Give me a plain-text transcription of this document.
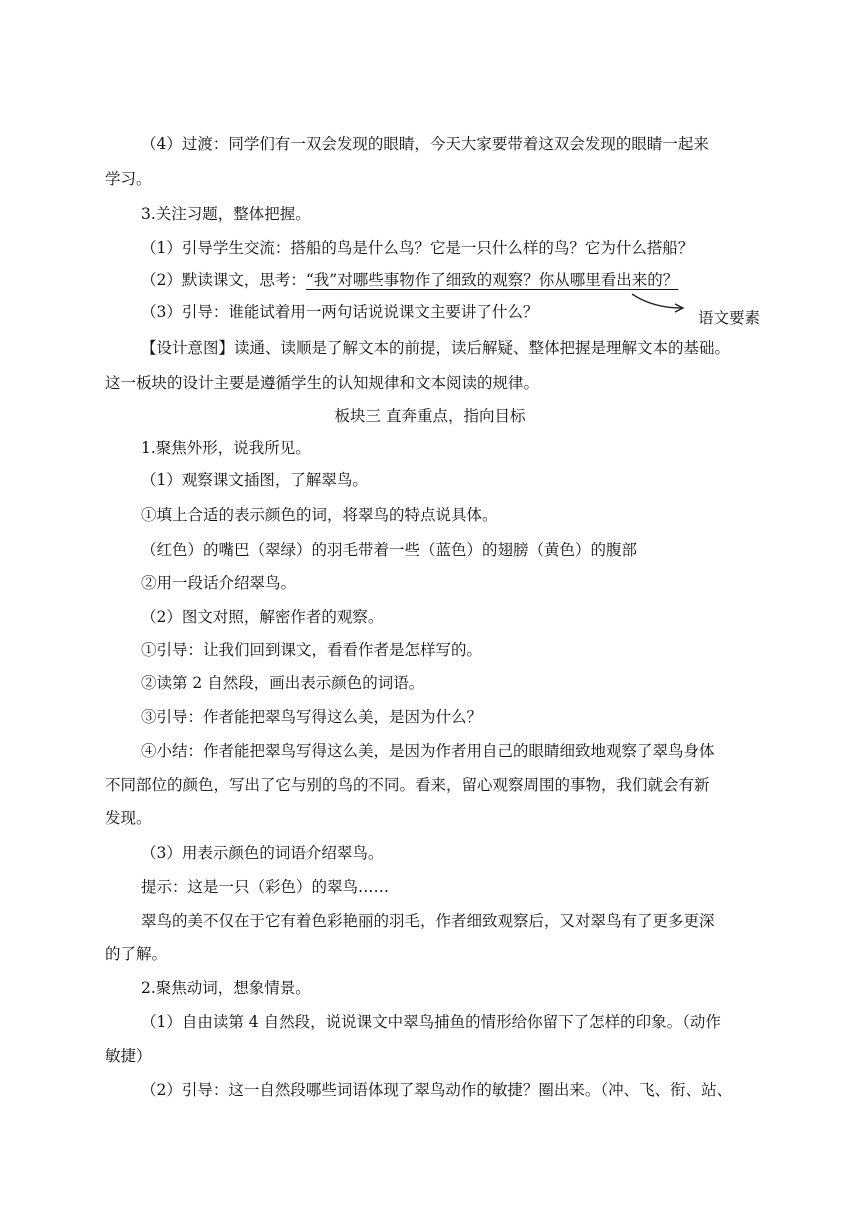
（4）过渡：同学们有一双会发现的眼睛，今天大家要带着这双会发现的眼睛一起来
学习。
3.关注习题，整体把握。
（1）引导学生交流：搭船的鸟是什么鸟？它是一只什么样的鸟？它为什么搭船？
（2）默读课文，思考：“我”对哪些事物作了细致的观察？你从哪里看出来的？
（3）引导：谁能试着用一两句话说说课文主要讲了什么？	语文要素
【设计意图】读通、读顺是了解文本的前提，读后解疑、整体把握是理解文本的基础。
这一板块的设计主要是遵循学生的认知规律和文本阅读的规律。
板块三 直奔重点，指向目标
1.聚焦外形，说我所见。
（1）观察课文插图，了解翠鸟。
①填上合适的表示颜色的词，将翠鸟的特点说具体。
（红色）的嘴巴（翠绿）的羽毛带着一些（蓝色）的翅膀（黄色）的腹部
②用一段话介绍翠鸟。
（2）图文对照，解密作者的观察。
①引导：让我们回到课文，看看作者是怎样写的。
②读第 2 自然段，画出表示颜色的词语。
③引导：作者能把翠鸟写得这么美，是因为什么？
④小结：作者能把翠鸟写得这么美，是因为作者用自己的眼睛细致地观察了翠鸟身体
不同部位的颜色，写出了它与别的鸟的不同。看来，留心观察周围的事物，我们就会有新
发现。
（3）用表示颜色的词语介绍翠鸟。
提示：这是一只（彩色）的翠鸟……
翠鸟的美不仅在于它有着色彩艳丽的羽毛，作者细致观察后，又对翠鸟有了更多更深
的了解。
2.聚焦动词，想象情景。
（1）自由读第 4 自然段，说说课文中翠鸟捕鱼的情形给你留下了怎样的印象。（动作
敏捷）
（2）引导：这一自然段哪些词语体现了翠鸟动作的敏捷？圈出来。（冲、飞、衔、站、
